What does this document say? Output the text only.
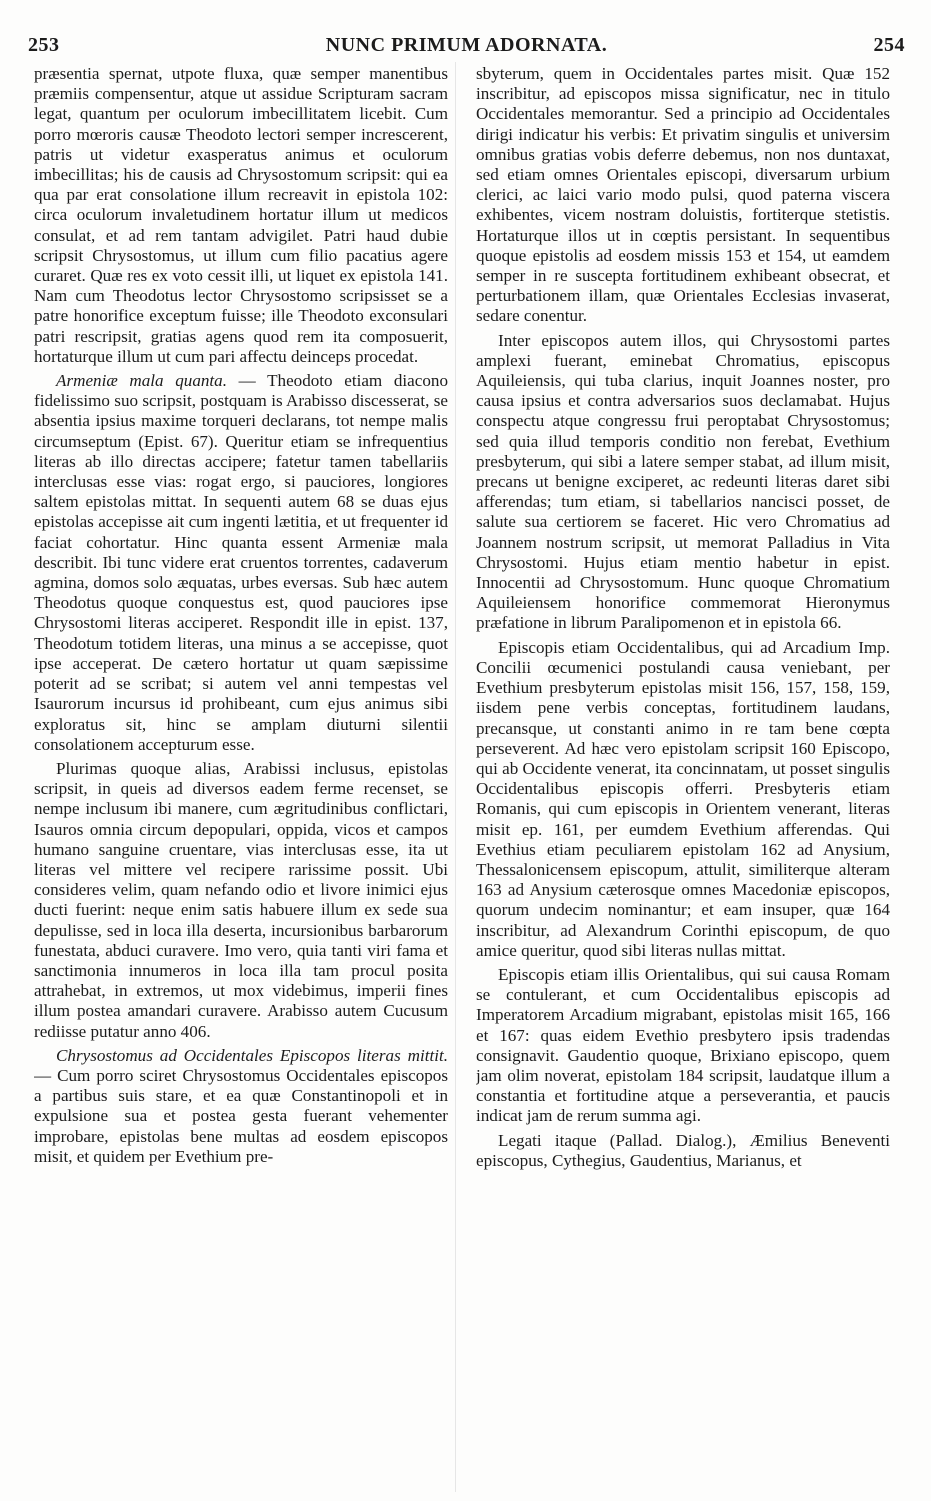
253	NUNC PRIMUM ADORNATA.	254

præsentia spernat, utpote fluxa, quæ semper manentibus præmiis compensentur, atque ut assidue Scripturam sacram legat, quantum per oculorum imbecillitatem licebit. Cum porro mœroris causæ Theodoto lectori semper increscerent, patris ut videtur exasperatus animus et oculorum imbecillitas; his de causis ad Chrysostomum scripsit: qui ea qua par erat consolatione illum recreavit in epistola 102: circa oculorum invaletudinem hortatur illum ut medicos consulat, et ad rem tantam advigilet. Patri haud dubie scripsit Chrysostomus, ut illum cum filio pacatius agere curaret. Quæ res ex voto cessit illi, ut liquet ex epistola 141. Nam cum Theodotus lector Chrysostomo scripsisset se a patre honorifice exceptum fuisse; ille Theodoto exconsulari patri rescripsit, gratias agens quod rem ita composuerit, hortaturque illum ut cum pari affectu deinceps procedat.

Armeniæ mala quanta. — Theodoto etiam diacono fidelissimo suo scripsit, postquam is Arabisso discesserat, se absentia ipsius maxime torqueri declarans, tot nempe malis circumseptum (Epist. 67). Queritur etiam se infrequentius literas ab illo directas accipere; fatetur tamen tabellariis interclusas esse vias: rogat ergo, si pauciores, longiores saltem epistolas mittat. In sequenti autem 68 se duas ejus epistolas accepisse ait cum ingenti lætitia, et ut frequenter id faciat cohortatur. Hinc quanta essent Armeniæ mala describit. Ibi tunc videre erat cruentos torrentes, cadaverum agmina, domos solo æquatas, urbes eversas. Sub hæc autem Theodotus quoque conquestus est, quod pauciores ipse Chrysostomi literas acciperet. Respondit ille in epist. 137, Theodotum totidem literas, una minus a se accepisse, quot ipse acceperat. De cætero hortatur ut quam sæpissime poterit ad se scribat; si autem vel anni tempestas vel Isaurorum incursus id prohibeant, cum ejus animus sibi exploratus sit, hinc se amplam diuturni silentii consolationem accepturum esse.

Plurimas quoque alias, Arabissi inclusus, epistolas scripsit, in queis ad diversos eadem ferme recenset, se nempe inclusum ibi manere, cum ægritudinibus conflictari, Isauros omnia circum depopulari, oppida, vicos et campos humano sanguine cruentare, vias interclusas esse, ita ut literas vel mittere vel recipere rarissime possit. Ubi consideres velim, quam nefando odio et livore inimici ejus ducti fuerint: neque enim satis habuere illum ex sede sua depulisse, sed in loca illa deserta, incursionibus barbarorum funestata, abduci curavere. Imo vero, quia tanti viri fama et sanctimonia innumeros in loca illa tam procul posita attrahebat, in extremos, ut mox videbimus, imperii fines illum postea amandari curavere. Arabisso autem Cucusum rediisse putatur anno 406.

Chrysostomus ad Occidentales Episcopos literas mittit. — Cum porro sciret Chrysostomus Occidentales episcopos a partibus suis stare, et ea quæ Constantinopoli et in expulsione sua et postea gesta fuerant vehementer improbare, epistolas bene multas ad eosdem episcopos misit, et quidem per Evethium pre-

sbyterum, quem in Occidentales partes misit. Quæ 152 inscribitur, ad episcopos missa significatur, nec in titulo Occidentales memorantur. Sed a principio ad Occidentales dirigi indicatur his verbis: Et privatim singulis et universim omnibus gratias vobis deferre debemus, non nos duntaxat, sed etiam omnes Orientales episcopi, diversarum urbium clerici, ac laici vario modo pulsi, quod paterna viscera exhibentes, vicem nostram doluistis, fortiterque stetistis. Hortaturque illos ut in cœptis persistant. In sequentibus quoque epistolis ad eosdem missis 153 et 154, ut eamdem semper in re suscepta fortitudinem exhibeant obsecrat, et perturbationem illam, quæ Orientales Ecclesias invaserat, sedare conentur.

Inter episcopos autem illos, qui Chrysostomi partes amplexi fuerant, eminebat Chromatius, episcopus Aquileiensis, qui tuba clarius, inquit Joannes noster, pro causa ipsius et contra adversarios suos declamabat. Hujus conspectu atque congressu frui peroptabat Chrysostomus; sed quia illud temporis conditio non ferebat, Evethium presbyterum, qui sibi a latere semper stabat, ad illum misit, precans ut benigne exciperet, ac redeunti literas daret sibi afferendas; tum etiam, si tabellarios nancisci posset, de salute sua certiorem se faceret. Hic vero Chromatius ad Joannem nostrum scripsit, ut memorat Palladius in Vita Chrysostomi. Hujus etiam mentio habetur in epist. Innocentii ad Chrysostomum. Hunc quoque Chromatium Aquileiensem honorifice commemorat Hieronymus præfatione in librum Paralipomenon et in epistola 66.

Episcopis etiam Occidentalibus, qui ad Arcadium Imp. Concilii œcumenici postulandi causa veniebant, per Evethium presbyterum epistolas misit 156, 157, 158, 159, iisdem pene verbis conceptas, fortitudinem laudans, precansque, ut constanti animo in re tam bene cœpta perseverent. Ad hæc vero epistolam scripsit 160 Episcopo, qui ab Occidente venerat, ita concinnatam, ut posset singulis Occidentalibus episcopis offerri. Presbyteris etiam Romanis, qui cum episcopis in Orientem venerant, literas misit ep. 161, per eumdem Evethium afferendas. Qui Evethius etiam peculiarem epistolam 162 ad Anysium, Thessalonicensem episcopum, attulit, similiterque alteram 163 ad Anysium cæterosque omnes Macedoniæ episcopos, quorum undecim nominantur; et eam insuper, quæ 164 inscribitur, ad Alexandrum Corinthi episcopum, de quo amice queritur, quod sibi literas nullas mittat.

Episcopis etiam illis Orientalibus, qui sui causa Romam se contulerant, et cum Occidentalibus episcopis ad Imperatorem Arcadium migrabant, epistolas misit 165, 166 et 167: quas eidem Evethio presbytero ipsis tradendas consignavit. Gaudentio quoque, Brixiano episcopo, quem jam olim noverat, epistolam 184 scripsit, laudatque illum a constantia et fortitudine atque a perseverantia, et paucis indicat jam de rerum summa agi.

Legati itaque (Pallad. Dialog.), Æmilius Beneventi episcopus, Cythegius, Gaudentius, Marianus, et
